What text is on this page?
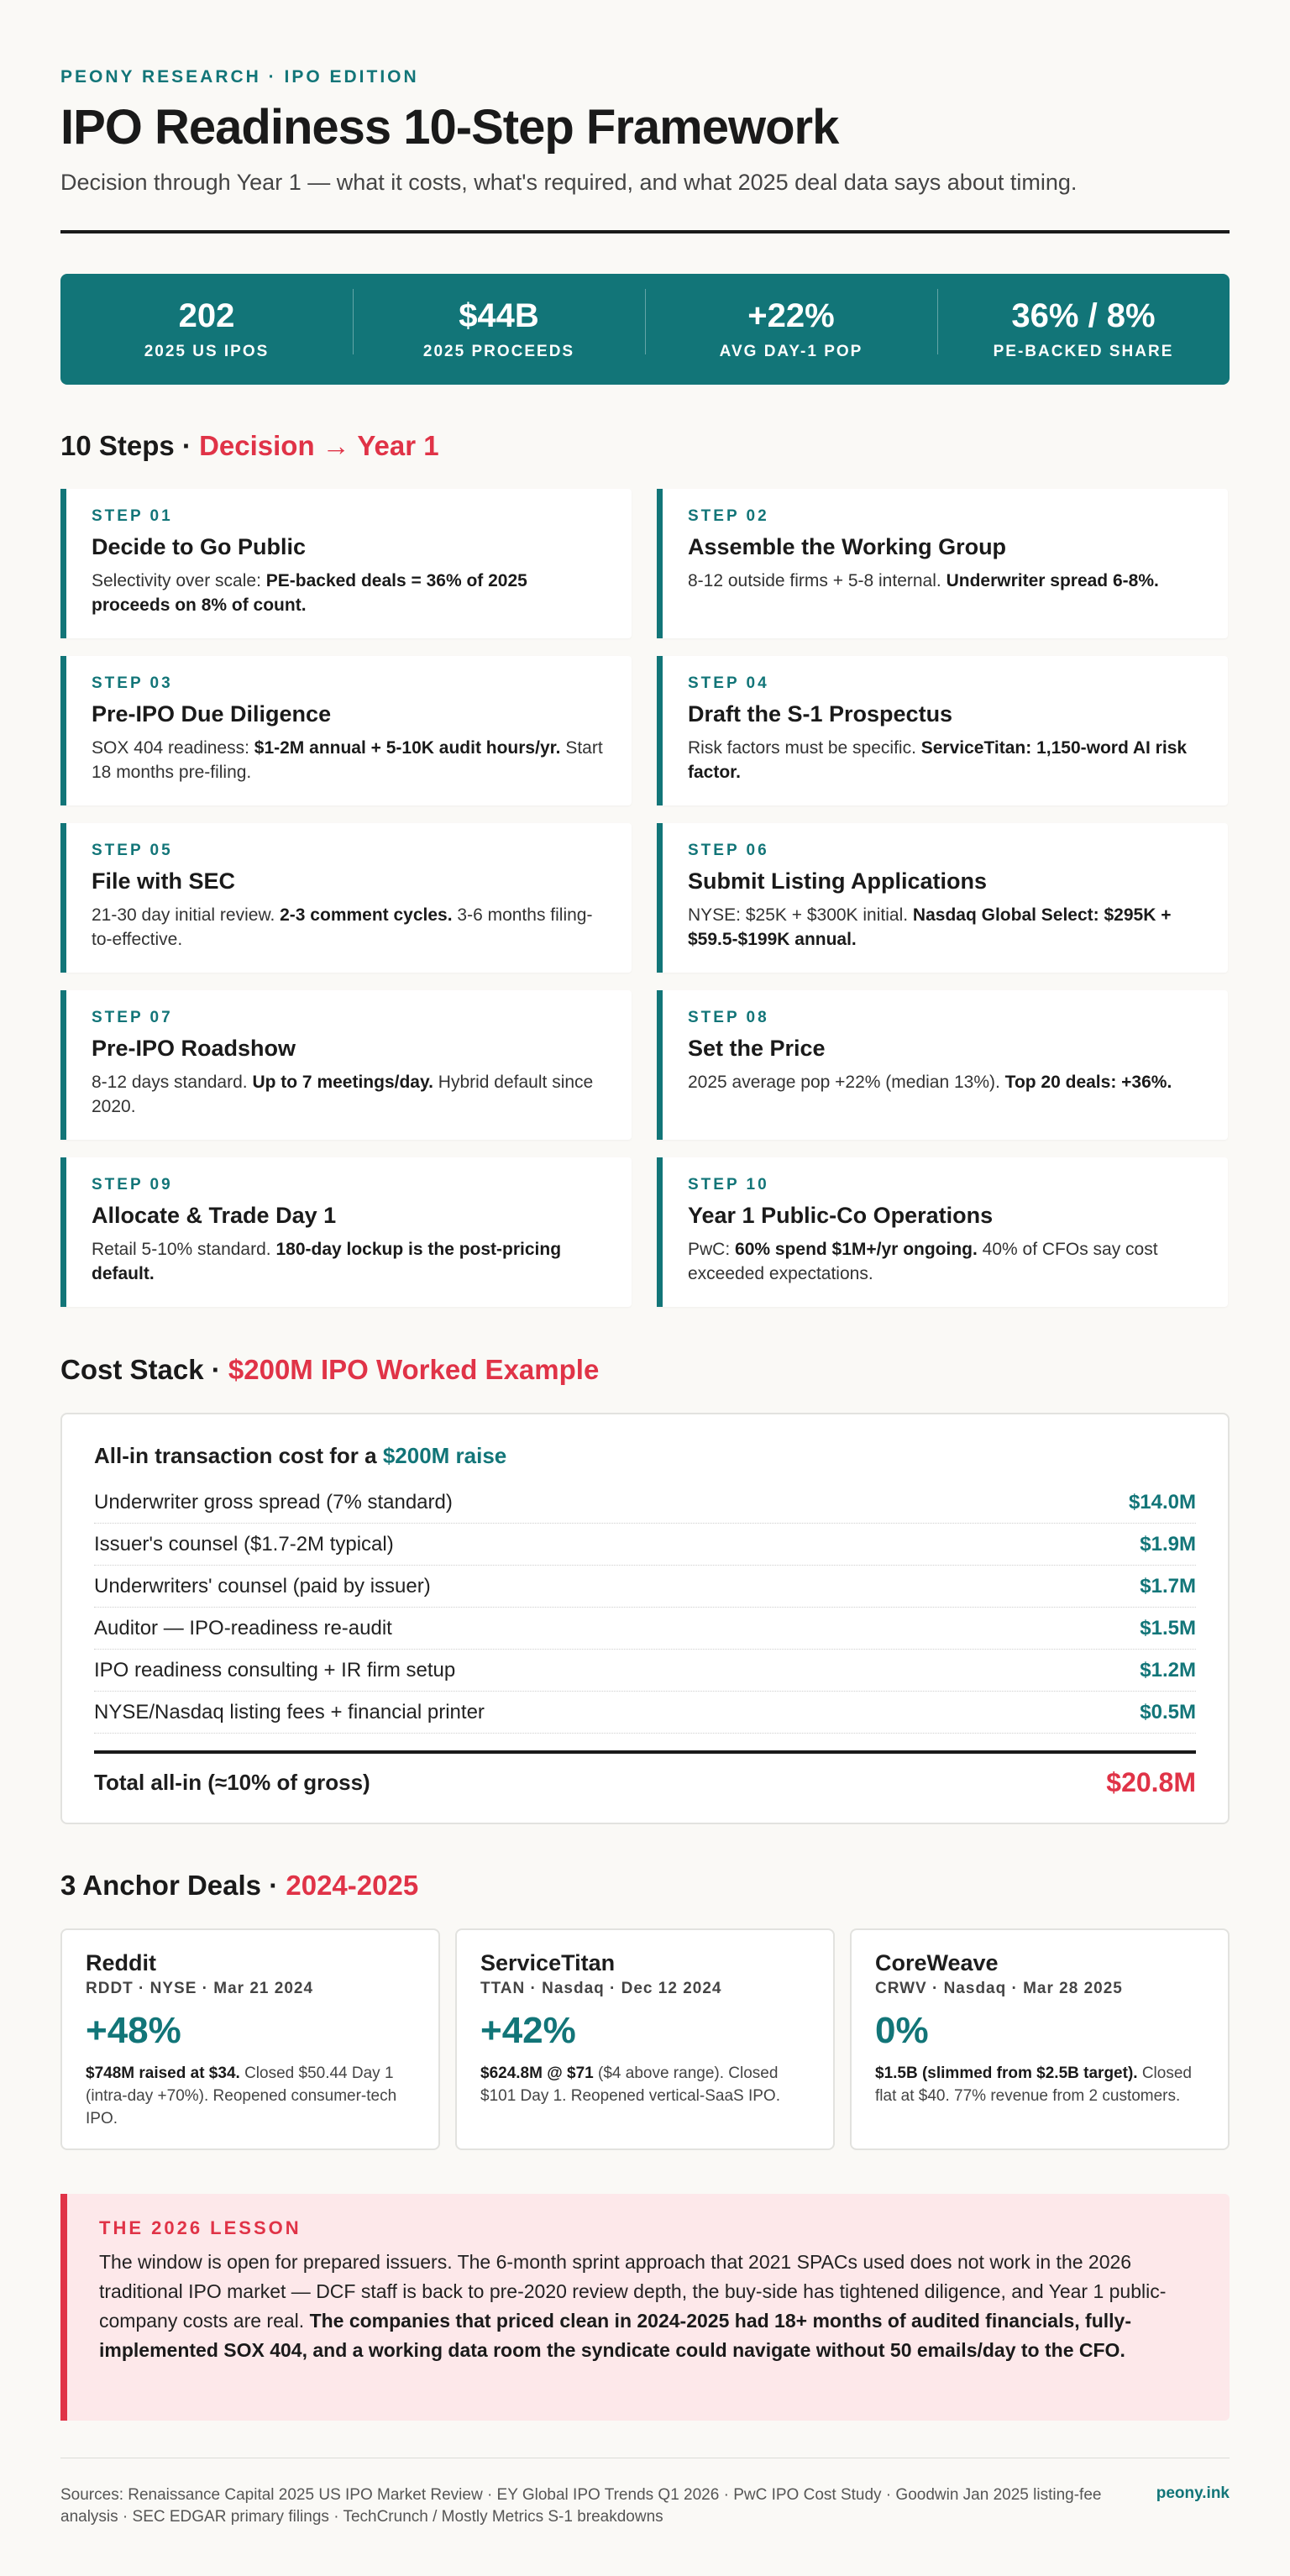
PEONY RESEARCH · IPO EDITION
IPO Readiness 10-Step Framework
Decision through Year 1 — what it costs, what's required, and what 2025 deal data says about timing.
202
2025 US IPOS
$44B
2025 PROCEEDS
+22%
AVG DAY-1 POP
36% / 8%
PE-BACKED SHARE
10 Steps · Decision → Year 1
STEP 01
Decide to Go Public
Selectivity over scale: PE-backed deals = 36% of 2025 proceeds on 8% of count.
STEP 02
Assemble the Working Group
8-12 outside firms + 5-8 internal. Underwriter spread 6-8%.
STEP 03
Pre-IPO Due Diligence
SOX 404 readiness: $1-2M annual + 5-10K audit hours/yr. Start 18 months pre-filing.
STEP 04
Draft the S-1 Prospectus
Risk factors must be specific. ServiceTitan: 1,150-word AI risk factor.
STEP 05
File with SEC
21-30 day initial review. 2-3 comment cycles. 3-6 months filing-to-effective.
STEP 06
Submit Listing Applications
NYSE: $25K + $300K initial. Nasdaq Global Select: $295K + $59.5-$199K annual.
STEP 07
Pre-IPO Roadshow
8-12 days standard. Up to 7 meetings/day. Hybrid default since 2020.
STEP 08
Set the Price
2025 average pop +22% (median 13%). Top 20 deals: +36%.
STEP 09
Allocate & Trade Day 1
Retail 5-10% standard. 180-day lockup is the post-pricing default.
STEP 10
Year 1 Public-Co Operations
PwC: 60% spend $1M+/yr ongoing. 40% of CFOs say cost exceeded expectations.
Cost Stack · $200M IPO Worked Example
All-in transaction cost for a $200M raise
Underwriter gross spread (7% standard)	$14.0M
Issuer's counsel ($1.7-2M typical)	$1.9M
Underwriters' counsel (paid by issuer)	$1.7M
Auditor — IPO-readiness re-audit	$1.5M
IPO readiness consulting + IR firm setup	$1.2M
NYSE/Nasdaq listing fees + financial printer	$0.5M
Total all-in (≈10% of gross)	$20.8M
3 Anchor Deals · 2024-2025
Reddit
RDDT · NYSE · Mar 21 2024
+48%
$748M raised at $34. Closed $50.44 Day 1 (intra-day +70%). Reopened consumer-tech IPO.
ServiceTitan
TTAN · Nasdaq · Dec 12 2024
+42%
$624.8M @ $71 ($4 above range). Closed $101 Day 1. Reopened vertical-SaaS IPO.
CoreWeave
CRWV · Nasdaq · Mar 28 2025
0%
$1.5B (slimmed from $2.5B target). Closed flat at $40. 77% revenue from 2 customers.
THE 2026 LESSON
The window is open for prepared issuers. The 6-month sprint approach that 2021 SPACs used does not work in the 2026 traditional IPO market — DCF staff is back to pre-2020 review depth, the buy-side has tightened diligence, and Year 1 public-company costs are real. The companies that priced clean in 2024-2025 had 18+ months of audited financials, fully-implemented SOX 404, and a working data room the syndicate could navigate without 50 emails/day to the CFO.
Sources: Renaissance Capital 2025 US IPO Market Review · EY Global IPO Trends Q1 2026 · PwC IPO Cost Study · Goodwin Jan 2025 listing-fee analysis · SEC EDGAR primary filings · TechCrunch / Mostly Metrics S-1 breakdowns
peony.ink
